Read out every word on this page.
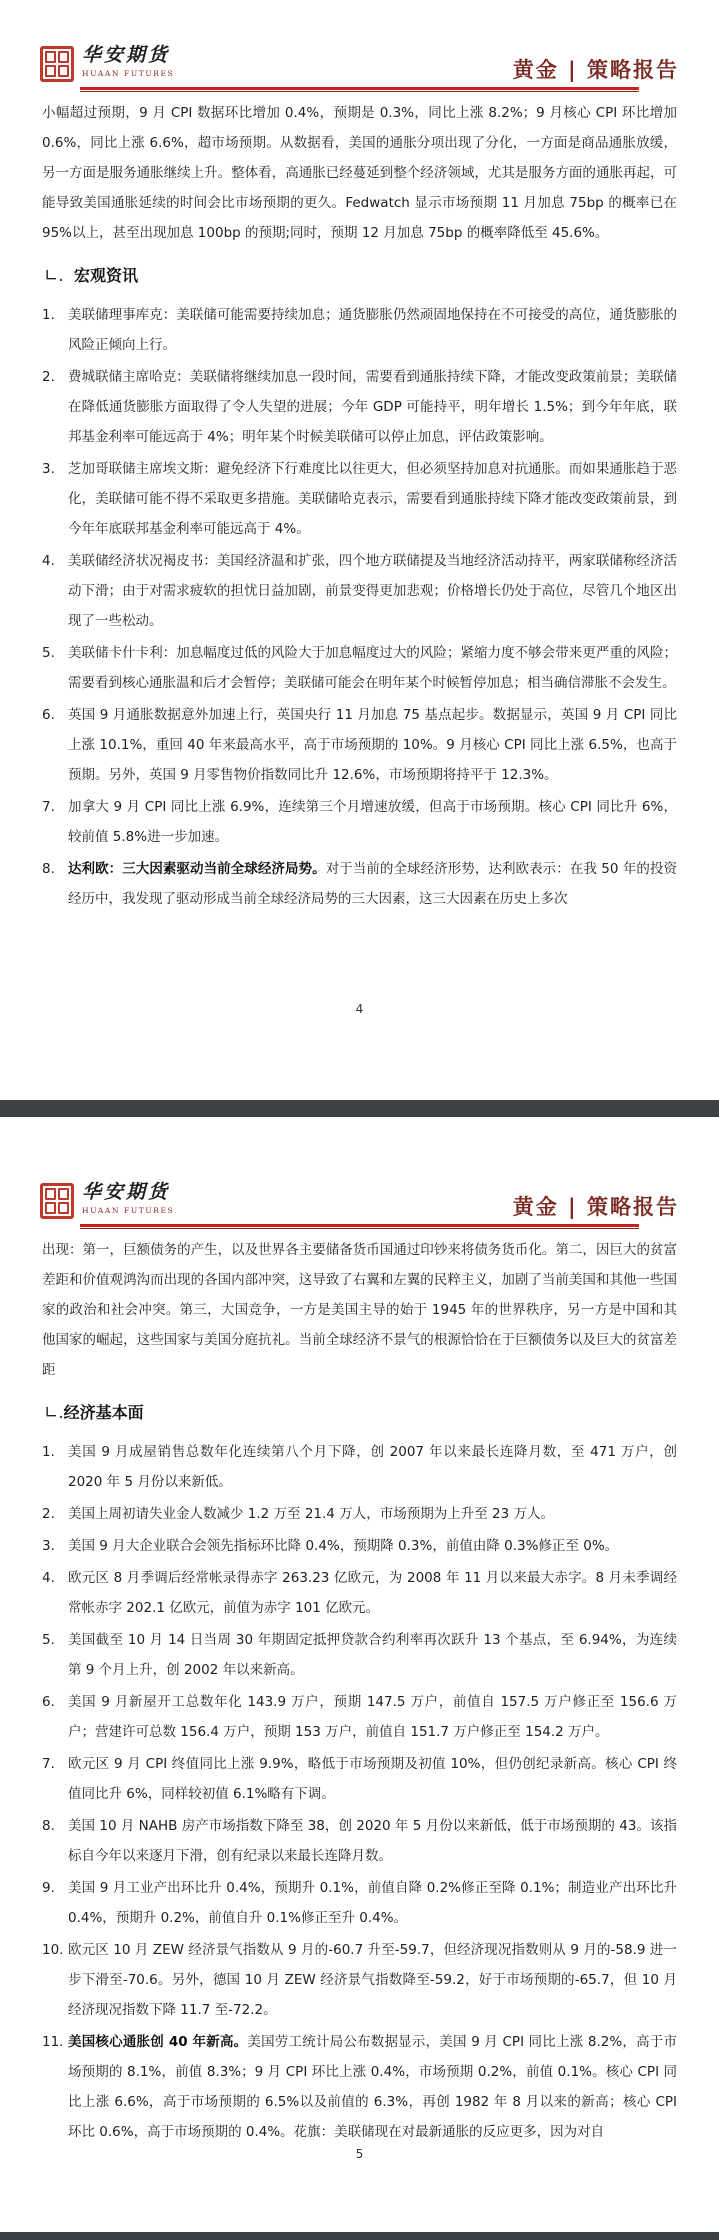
华安期货
HUAAN FUTURES	黄金 | 策略报告

小幅超过预期，9 月 CPI 数据环比增加 0.4%，预期是 0.3%，同比上涨 8.2%；9 月核心 CPI 环比增加 0.6%，同比上涨 6.6%，超市场预期。从数据看，美国的通胀分项出现了分化，一方面是商品通胀放缓，另一方面是服务通胀继续上升。整体看，高通胀已经蔓延到整个经济领域，尤其是服务方面的通胀再起，可能导致美国通胀延续的时间会比市场预期的更久。Fedwatch 显示市场预期 11 月加息 75bp 的概率已在 95%以上，甚至出现加息 100bp 的预期;同时，预期 12 月加息 75bp 的概率降低至 45.6%。

∟. 宏观资讯
1. 美联储理事库克：美联储可能需要持续加息；通货膨胀仍然顽固地保持在不可接受的高位，通货膨胀的风险正倾向上行。
2. 费城联储主席哈克：美联储将继续加息一段时间，需要看到通胀持续下降，才能改变政策前景；美联储在降低通货膨胀方面取得了令人失望的进展；今年 GDP 可能持平，明年增长 1.5%；到今年年底，联邦基金利率可能远高于 4%；明年某个时候美联储可以停止加息，评估政策影响。
3. 芝加哥联储主席埃文斯：避免经济下行难度比以往更大，但必须坚持加息对抗通胀。而如果通胀趋于恶化，美联储可能不得不采取更多措施。美联储哈克表示，需要看到通胀持续下降才能改变政策前景，到今年年底联邦基金利率可能远高于 4%。
4. 美联储经济状况褐皮书：美国经济温和扩张，四个地方联储提及当地经济活动持平，两家联储称经济活动下滑；由于对需求疲软的担忧日益加剧，前景变得更加悲观；价格增长仍处于高位，尽管几个地区出现了一些松动。
5. 美联储卡什卡利：加息幅度过低的风险大于加息幅度过大的风险；紧缩力度不够会带来更严重的风险；需要看到核心通胀温和后才会暂停；美联储可能会在明年某个时候暂停加息；相当确信滞胀不会发生。
6. 英国 9 月通胀数据意外加速上行，英国央行 11 月加息 75 基点起步。数据显示，英国 9 月 CPI 同比上涨 10.1%，重回 40 年来最高水平，高于市场预期的 10%。9 月核心 CPI 同比上涨 6.5%，也高于预期。另外，英国 9 月零售物价指数同比升 12.6%，市场预期将持平于 12.3%。
7. 加拿大 9 月 CPI 同比上涨 6.9%，连续第三个月增速放缓，但高于市场预期。核心 CPI 同比升 6%，较前值 5.8%进一步加速。
8. 达利欧：三大因素驱动当前全球经济局势。对于当前的全球经济形势，达利欧表示：在我 50 年的投资经历中，我发现了驱动形成当前全球经济局势的三大因素，这三大因素在历史上多次
4
华安期货
HUAAN FUTURES	黄金 | 策略报告

出现：第一，巨额债务的产生，以及世界各主要储备货币国通过印钞来将债务货币化。第二，因巨大的贫富差距和价值观鸿沟而出现的各国内部冲突，这导致了右翼和左翼的民粹主义，加剧了当前美国和其他一些国家的政治和社会冲突。第三，大国竞争，一方是美国主导的始于 1945 年的世界秩序，另一方是中国和其他国家的崛起，这些国家与美国分庭抗礼。当前全球经济不景气的根源恰恰在于巨额债务以及巨大的贫富差距

∟.经济基本面
1. 美国 9 月成屋销售总数年化连续第八个月下降，创 2007 年以来最长连降月数，至 471 万户，创 2020 年 5 月份以来新低。
2. 美国上周初请失业金人数减少 1.2 万至 21.4 万人，市场预期为上升至 23 万人。
3. 美国 9 月大企业联合会领先指标环比降 0.4%，预期降 0.3%，前值由降 0.3%修正至 0%。
4. 欧元区 8 月季调后经常帐录得赤字 263.23 亿欧元，为 2008 年 11 月以来最大赤字。8 月未季调经常帐赤字 202.1 亿欧元，前值为赤字 101 亿欧元。
5. 美国截至 10 月 14 日当周 30 年期固定抵押贷款合约利率再次跃升 13 个基点，至 6.94%，为连续第 9 个月上升，创 2002 年以来新高。
6. 美国 9 月新屋开工总数年化 143.9 万户，预期 147.5 万户，前值自 157.5 万户修正至 156.6 万户；营建许可总数 156.4 万户，预期 153 万户，前值自 151.7 万户修正至 154.2 万户。
7. 欧元区 9 月 CPI 终值同比上涨 9.9%，略低于市场预期及初值 10%，但仍创纪录新高。核心 CPI 终值同比升 6%，同样较初值 6.1%略有下调。
8. 美国 10 月 NAHB 房产市场指数下降至 38，创 2020 年 5 月份以来新低，低于市场预期的 43。该指标自今年以来逐月下滑，创有纪录以来最长连降月数。
9. 美国 9 月工业产出环比升 0.4%，预期升 0.1%，前值自降 0.2%修正至降 0.1%；制造业产出环比升 0.4%，预期升 0.2%，前值自升 0.1%修正至升 0.4%。
10. 欧元区 10 月 ZEW 经济景气指数从 9 月的-60.7 升至-59.7，但经济现况指数则从 9 月的-58.9 进一步下滑至-70.6。另外，德国 10 月 ZEW 经济景气指数降至-59.2，好于市场预期的-65.7，但 10 月经济现况指数下降 11.7 至-72.2。
11. 美国核心通胀创 40 年新高。美国劳工统计局公布数据显示，美国 9 月 CPI 同比上涨 8.2%，高于市场预期的 8.1%，前值 8.3%；9 月 CPI 环比上涨 0.4%，市场预期 0.2%，前值 0.1%。核心 CPI 同比上涨 6.6%，高于市场预期的 6.5%以及前值的 6.3%，再创 1982 年 8 月以来的新高；核心 CPI 环比 0.6%，高于市场预期的 0.4%。花旗：美联储现在对最新通胀的反应更多，因为对自
5
